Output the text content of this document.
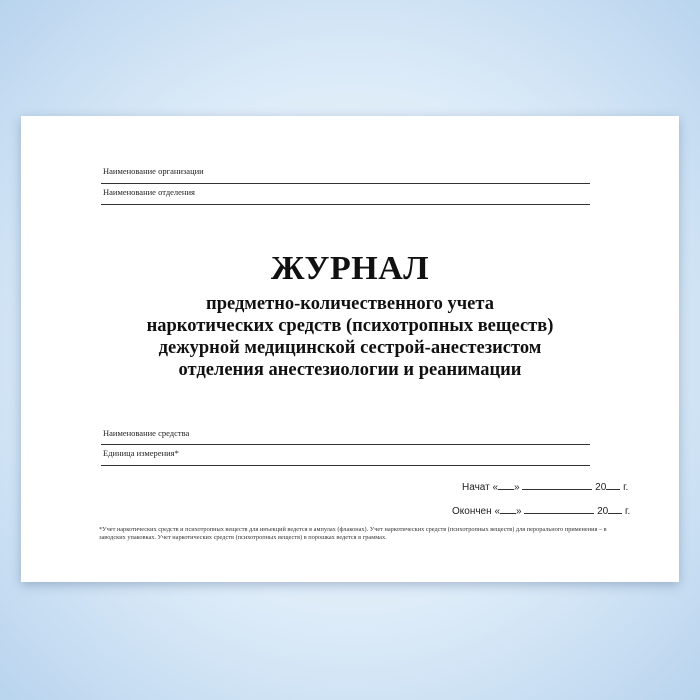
Наименование организации
Наименование отделения
ЖУРНАЛ
предметно-количественного учета
наркотических средств (психотропных веществ)
дежурной медицинской сестрой-анестезистом
отделения анестезиологии и реанимации
Наименование средства
Единица измерения*
Начат « »	20 г.
Окончен « »	20 г.
*Учет наркотических средств и психотропных веществ для инъекций ведется в ампулах (флаконах). Учет наркотических средств (психотропных веществ) для перорального применения – в заводских упаковках. Учет наркотических средств (психотропных веществ) в порошках ведется в граммах.
